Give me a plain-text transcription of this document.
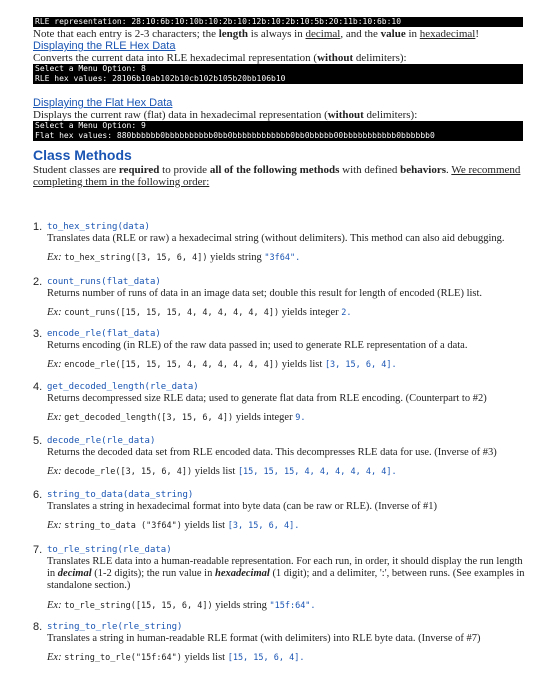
RLE representation: 28:10:6b:10:10b:10:2b:10:12b:10:2b:10:5b:20:11b:10:6b:10

Note that each entry is 2-3 characters; the length is always in decimal, and the value in hexadecimal!

Displaying the RLE Hex Data

Converts the current data into RLE hexadecimal representation (without delimiters):

Select a Menu Option: 8
RLE hex values: 28106b10ab102b10cb102b105b20bb106b10
Displaying the Flat Hex Data

Displays the current raw (flat) data in hexadecimal representation (without delimiters):

Select a Menu Option: 9
Flat hex values: 880bbbbbb0bbbbbbbbbb0bb0bbbbbbbbbbbb0bb0bbbbb00bbbbbbbbbbb0bbbbbb0
Class Methods

Student classes are required to provide all of the following methods with defined behaviors. We recommend completing them in the following order:

1. to_hex_string(data)
Translates data (RLE or raw) a hexadecimal string (without delimiters). This method can also aid debugging.
Ex: to_hex_string([3, 15, 6, 4]) yields string "3f64".
2. count_runs(flat_data)
Returns number of runs of data in an image data set; double this result for length of encoded (RLE) list.
Ex: count_runs([15, 15, 15, 4, 4, 4, 4, 4, 4]) yields integer 2.
3. encode_rle(flat_data)
Returns encoding (in RLE) of the raw data passed in; used to generate RLE representation of a data.
Ex: encode_rle([15, 15, 15, 4, 4, 4, 4, 4, 4]) yields list [3, 15, 6, 4].
4. get_decoded_length(rle_data)
Returns decompressed size RLE data; used to generate flat data from RLE encoding. (Counterpart to #2)
Ex: get_decoded_length([3, 15, 6, 4]) yields integer 9.
5. decode_rle(rle_data)
Returns the decoded data set from RLE encoded data. This decompresses RLE data for use. (Inverse of #3)
Ex: decode_rle([3, 15, 6, 4]) yields list [15, 15, 15, 4, 4, 4, 4, 4, 4].
6. string_to_data(data_string)
Translates a string in hexadecimal format into byte data (can be raw or RLE). (Inverse of #1)
Ex: string_to_data ("3f64") yields list [3, 15, 6, 4].
7. to_rle_string(rle_data)
Translates RLE data into a human-readable representation. For each run, in order, it should display the run length in decimal (1-2 digits); the run value in hexadecimal (1 digit); and a delimiter, ':', between runs. (See examples in standalone section.)
Ex: to_rle_string([15, 15, 6, 4]) yields string "15f:64".
8. string_to_rle(rle_string)
Translates a string in human-readable RLE format (with delimiters) into RLE byte data. (Inverse of #7)
Ex: string_to_rle("15f:64") yields list [15, 15, 6, 4].
